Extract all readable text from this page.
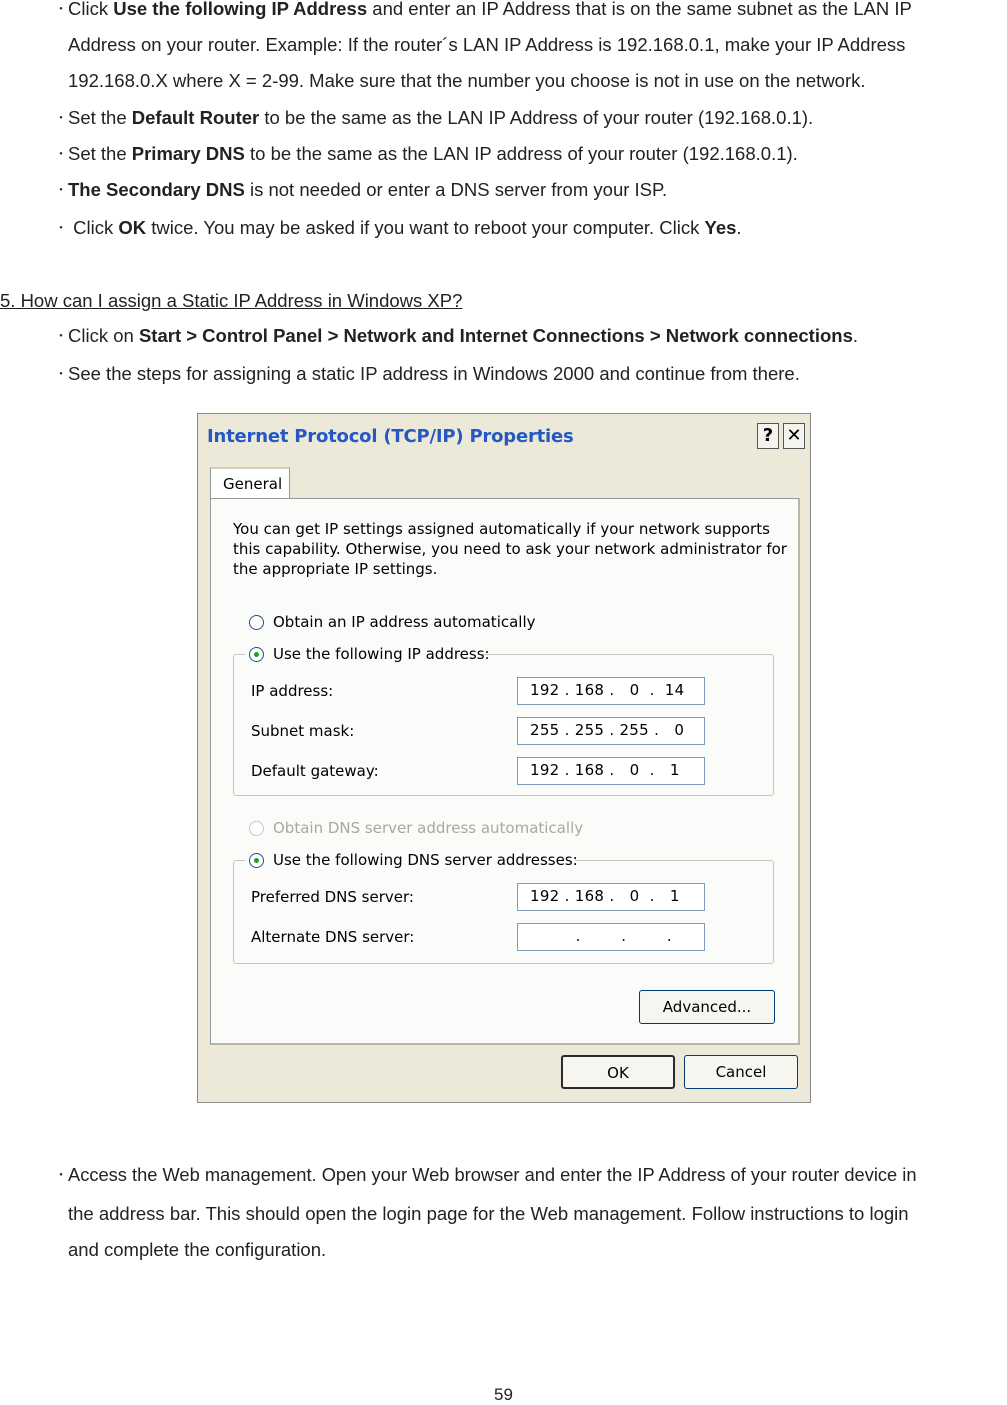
・ Click Use the following IP Address and enter an IP Address that is on the same subnet as the LAN IP
Address on your router. Example: If the router´s LAN IP Address is 192.168.0.1, make your IP Address
192.168.0.X where X = 2-99. Make sure that the number you choose is not in use on the network.
・ Set the Default Router to be the same as the LAN IP Address of your router (192.168.0.1).
・ Set the Primary DNS to be the same as the LAN IP address of your router (192.168.0.1).
・ The Secondary DNS is not needed or enter a DNS server from your ISP.
・ Click OK twice. You may be asked if you want to reboot your computer. Click Yes.
5. How can I assign a Static IP Address in Windows XP?
・ Click on Start > Control Panel > Network and Internet Connections > Network connections.
・ See the steps for assigning a static IP address in Windows 2000 and continue from there.
Internet Protocol (TCP/IP) Properties	? ✕
General
You can get IP settings assigned automatically if your network supports
this capability. Otherwise, you need to ask your network administrator for
the appropriate IP settings.
Obtain an IP address automatically
Use the following IP address:
IP address:	192 . 168 .   0  .  14
Subnet mask:	255 . 255 . 255 .   0
Default gateway:	192 . 168 .   0  .   1
Obtain DNS server address automatically
Use the following DNS server addresses:
Preferred DNS server:	192 . 168 .   0  .   1
Alternate DNS server:	.        .        .
Advanced...
OK	Cancel
・ Access the Web management. Open your Web browser and enter the IP Address of your router device in
the address bar. This should open the login page for the Web management. Follow instructions to login
and complete the configuration.
59
